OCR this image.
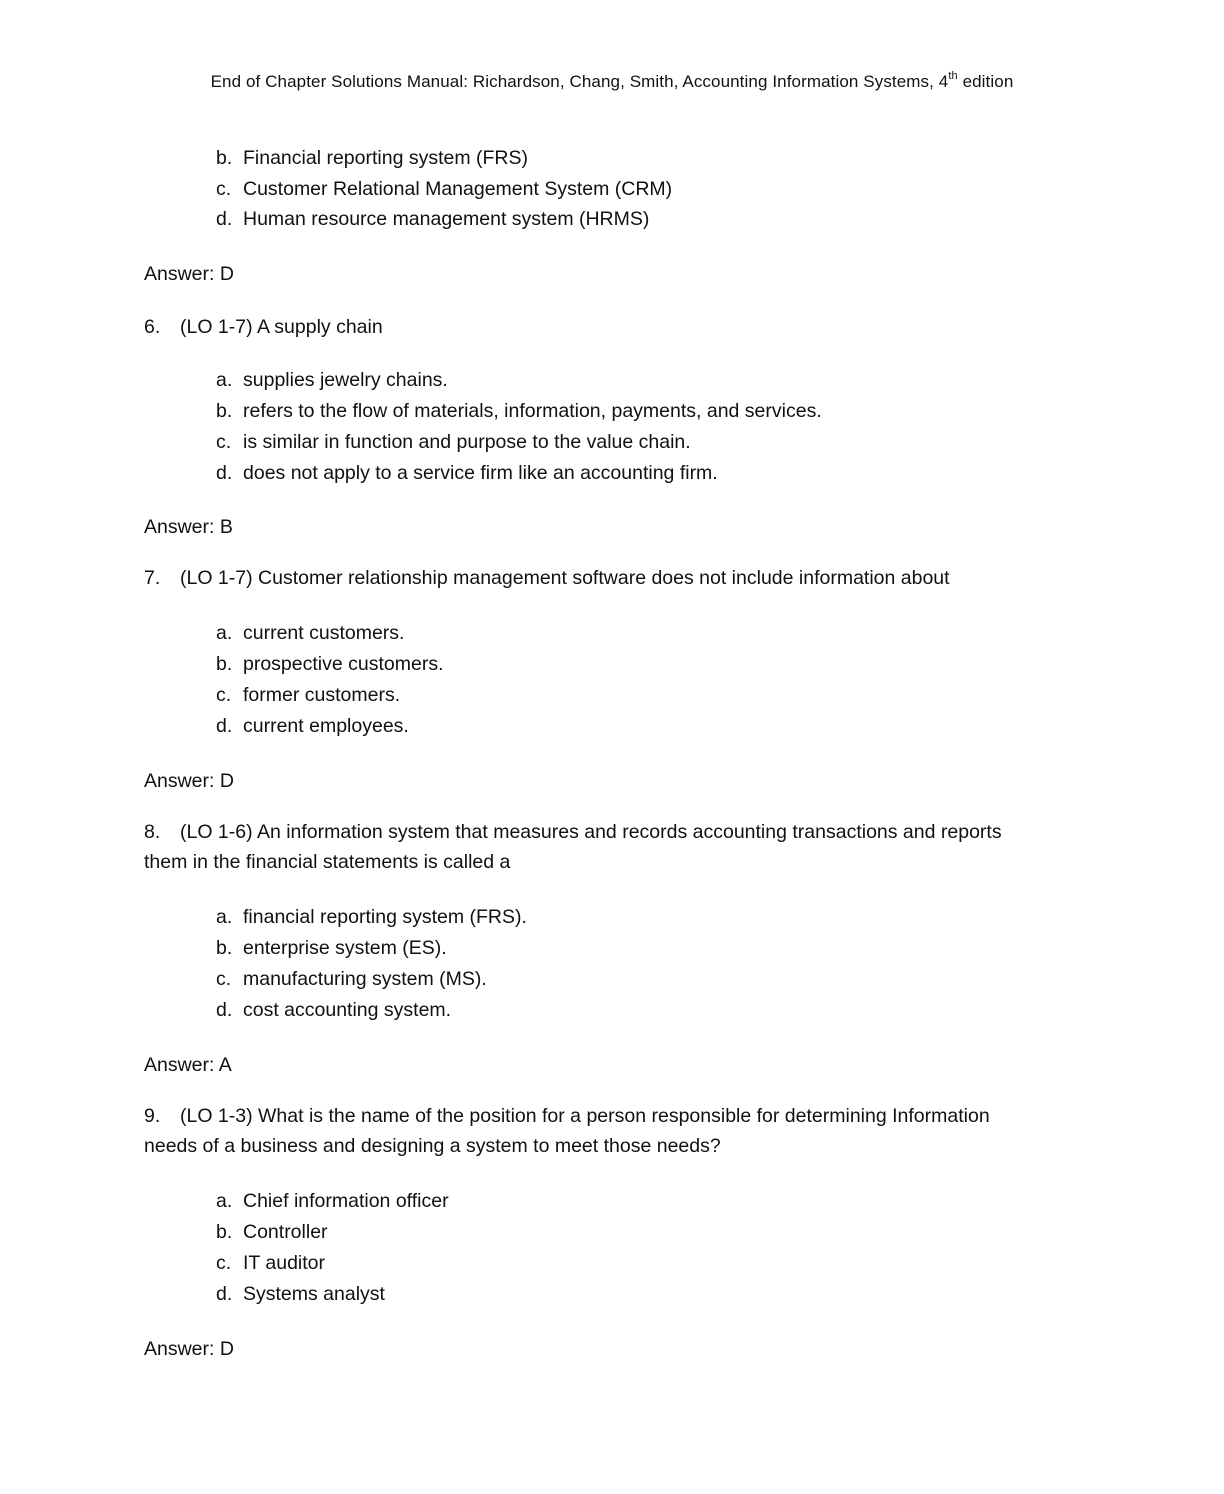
End of Chapter Solutions Manual: Richardson, Chang, Smith, Accounting Information Systems, 4th edition
b. Financial reporting system (FRS)
c. Customer Relational Management System (CRM)
d. Human resource management system (HRMS)
Answer: D
6. (LO 1-7) A supply chain
a. supplies jewelry chains.
b. refers to the flow of materials, information, payments, and services.
c. is similar in function and purpose to the value chain.
d. does not apply to a service firm like an accounting firm.
Answer: B
7. (LO 1-7) Customer relationship management software does not include information about
a. current customers.
b. prospective customers.
c. former customers.
d. current employees.
Answer: D
8. (LO 1-6) An information system that measures and records accounting transactions and reports
them in the financial statements is called a
a. financial reporting system (FRS).
b. enterprise system (ES).
c. manufacturing system (MS).
d. cost accounting system.
Answer: A
9. (LO 1-3) What is the name of the position for a person responsible for determining Information
needs of a business and designing a system to meet those needs?
a. Chief information officer
b. Controller
c. IT auditor
d. Systems analyst
Answer: D
